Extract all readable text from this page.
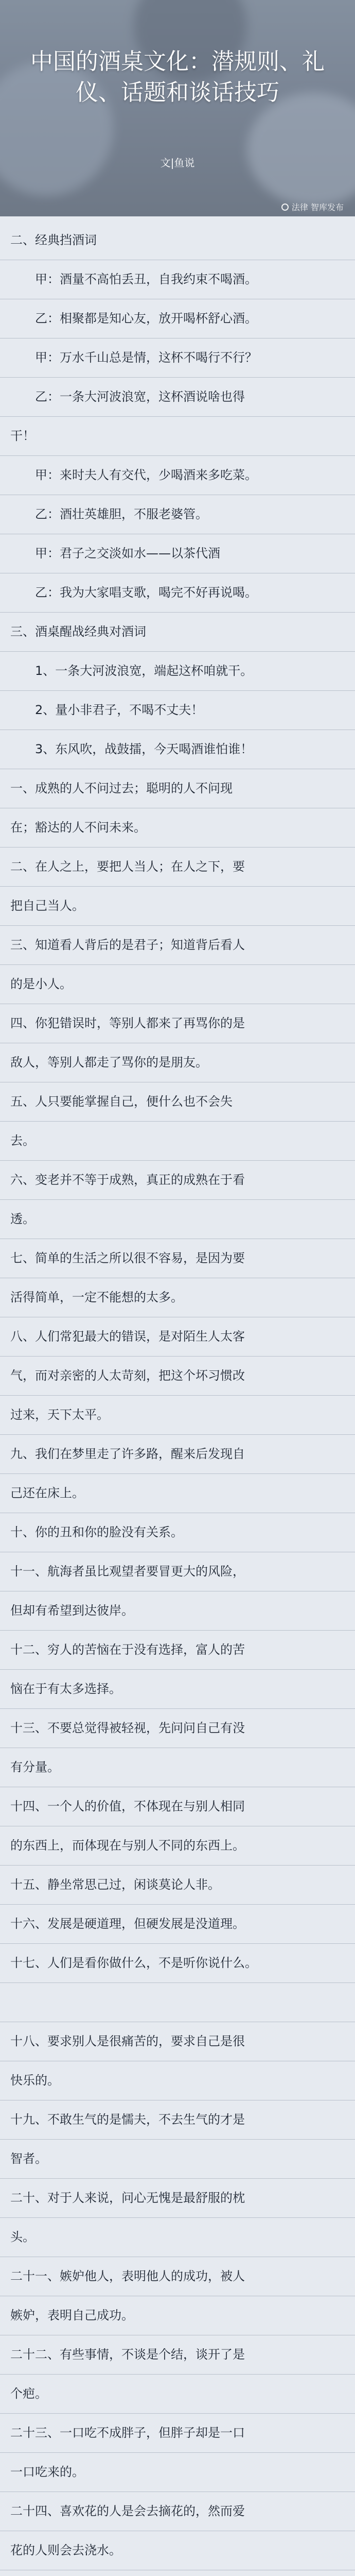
中国的酒桌文化：潜规则、礼
仪、话题和谈话技巧
文|鱼说
法律 智库发布
二、经典挡酒词
　　甲：酒量不高怕丢丑，自我约束不喝酒。
　　乙：相聚都是知心友，放开喝杯舒心酒。
　　甲：万水千山总是情，这杯不喝行不行？
　　乙：一条大河波浪宽，这杯酒说啥也得
干！
　　甲：来时夫人有交代，少喝酒来多吃菜。
　　乙：酒壮英雄胆，不服老婆管。
　　甲：君子之交淡如水——以茶代酒
　　乙：我为大家唱支歌，喝完不好再说喝。
三、酒桌醒战经典对酒词
　　1、一条大河波浪宽，端起这杯咱就干。
　　2、量小非君子，不喝不丈夫！
　　3、东风吹，战鼓擂，今天喝酒谁怕谁！
一、成熟的人不问过去；聪明的人不问现
在；豁达的人不问未来。
二、在人之上，要把人当人；在人之下，要
把自己当人。
三、知道看人背后的是君子；知道背后看人
的是小人。
四、你犯错误时，等别人都来了再骂你的是
敌人，等别人都走了骂你的是朋友。
五、人只要能掌握自己，便什么也不会失
去。
六、变老并不等于成熟，真正的成熟在于看
透。
七、简单的生活之所以很不容易，是因为要
活得简单，一定不能想的太多。
八、人们常犯最大的错误，是对陌生人太客
气，而对亲密的人太苛刻，把这个坏习惯改
过来，天下太平。
九、我们在梦里走了许多路，醒来后发现自
己还在床上。
十、你的丑和你的脸没有关系。
十一、航海者虽比观望者要冒更大的风险，
但却有希望到达彼岸。
十二、穷人的苦恼在于没有选择，富人的苦
恼在于有太多选择。
十三、不要总觉得被轻视，先问问自己有没
有分量。
十四、一个人的价值，不体现在与别人相同
的东西上，而体现在与别人不同的东西上。
十五、静坐常思己过，闲谈莫论人非。
十六、发展是硬道理，但硬发展是没道理。
十七、人们是看你做什么，不是听你说什么。
十八、要求别人是很痛苦的，要求自己是很
快乐的。
十九、不敢生气的是懦夫，不去生气的才是
智者。
二十、对于人来说，问心无愧是最舒服的枕
头。
二十一、嫉妒他人，表明他人的成功，被人
嫉妒，表明自己成功。
二十二、有些事情，不谈是个结，谈开了是
个疤。
二十三、一口吃不成胖子，但胖子却是一口
一口吃来的。
二十四、喜欢花的人是会去摘花的，然而爱
花的人则会去浇水。
